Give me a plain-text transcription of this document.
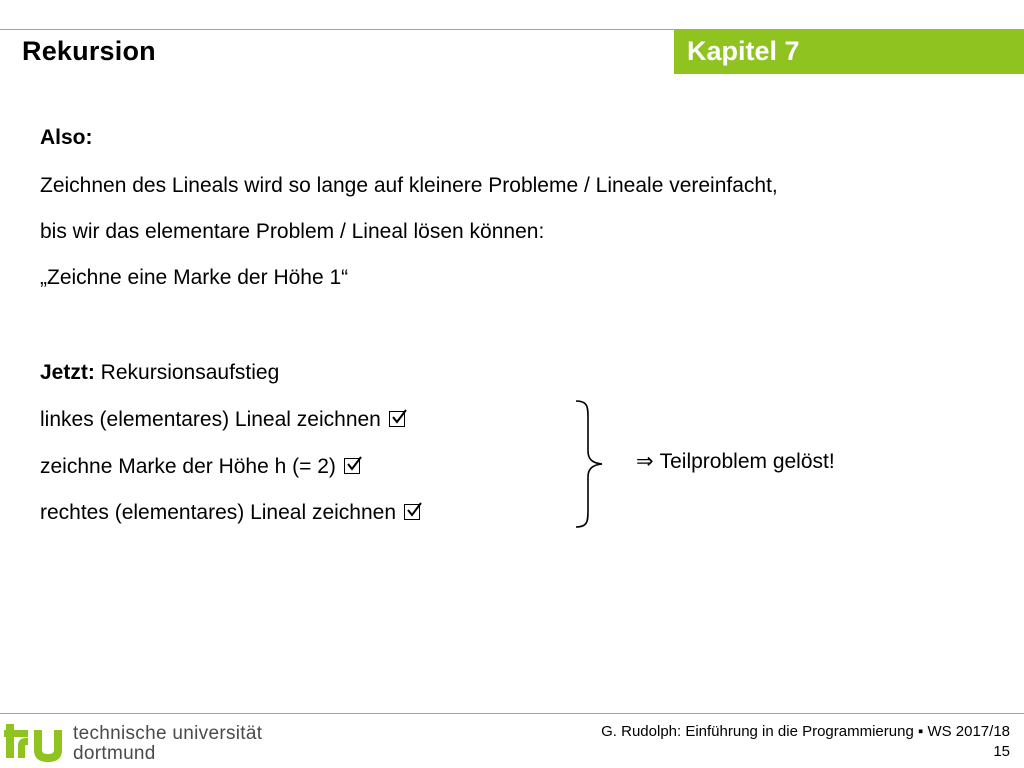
Rekursion	Kapitel 7
Also:
Zeichnen des Lineals wird so lange auf kleinere Probleme / Lineale vereinfacht,
bis wir das elementare Problem / Lineal lösen können:
„Zeichne eine Marke der Höhe 1“
Jetzt: Rekursionsaufstieg
linkes (elementares) Lineal zeichnen
zeichne Marke der Höhe h (= 2)
rechtes (elementares) Lineal zeichnen
⇒ Teilproblem gelöst!
technische universität
dortmund
G. Rudolph: Einführung in die Programmierung ▪ WS 2017/18
15
